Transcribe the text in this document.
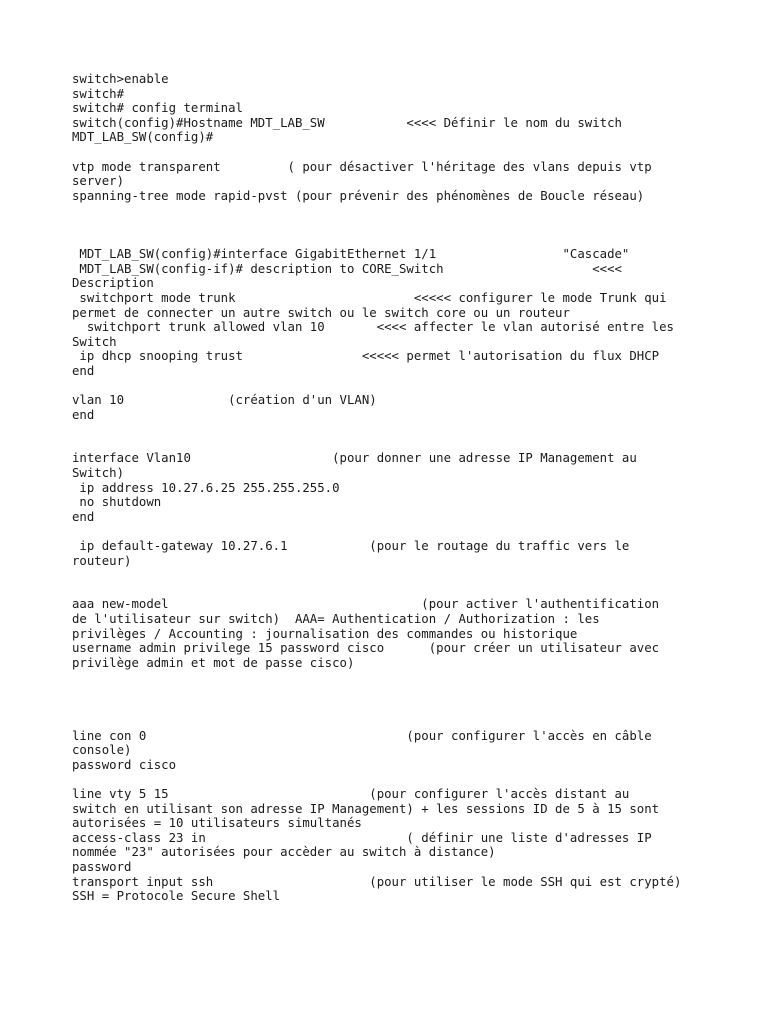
switch>enable
switch#
switch# config terminal
switch(config)#Hostname MDT_LAB_SW           <<<< Définir le nom du switch
MDT_LAB_SW(config)#
vtp mode transparent         ( pour désactiver l'héritage des vlans depuis vtp
server)
spanning-tree mode rapid-pvst (pour prévenir des phénomènes de Boucle réseau)
MDT_LAB_SW(config)#interface GigabitEthernet 1/1                 "Cascade"
MDT_LAB_SW(config-if)# description to CORE_Switch                    <<<<
Description
switchport mode trunk                        <<<<< configurer le mode Trunk qui
permet de connecter un autre switch ou le switch core ou un routeur
switchport trunk allowed vlan 10       <<<< affecter le vlan autorisé entre les
Switch
ip dhcp snooping trust                <<<<< permet l'autorisation du flux DHCP
end
vlan 10              (création d'un VLAN)
end
interface Vlan10                   (pour donner une adresse IP Management au
Switch)
ip address 10.27.6.25 255.255.255.0
no shutdown
end
ip default-gateway 10.27.6.1           (pour le routage du traffic vers le
routeur)
aaa new-model                                  (pour activer l'authentification
de l'utilisateur sur switch)  AAA= Authentication / Authorization : les
privilèges / Accounting : journalisation des commandes ou historique
username admin privilege 15 password cisco      (pour créer un utilisateur avec
privilège admin et mot de passe cisco)
line con 0                                   (pour configurer l'accès en câble
console)
password cisco
line vty 5 15                           (pour configurer l'accès distant au
switch en utilisant son adresse IP Management) + les sessions ID de 5 à 15 sont
autorisées = 10 utilisateurs simultanés
access-class 23 in                           ( définir une liste d'adresses IP
nommée "23" autorisées pour accèder au switch à distance)
password
transport input ssh                     (pour utiliser le mode SSH qui est crypté)
SSH = Protocole Secure Shell
